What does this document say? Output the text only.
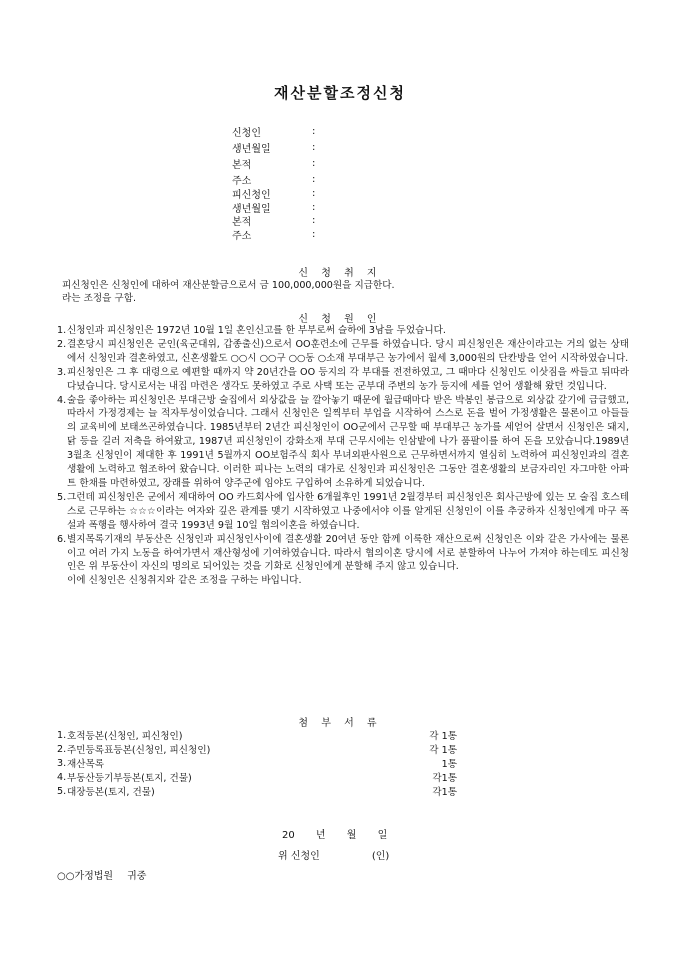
재산분할조정신청
신청인	:
생년월일	:
본적	:
주소	:
피신청인	:
생년월일	:
본적	:
주소	:
신 청 취 지
피신청인은 신청인에 대하여 재산분할금으로서 금 100,000,000원을 지급한다.
라는 조정을 구함.
신 청 원 인
1. 신청인과 피신청인은 1972년 10월 1일 혼인신고를 한 부부로써 슬하에 3남을 두었습니다.
2. 결혼당시 피신청인은 군인(육군대위, 갑종출신)으로서 OO훈련소에 근무를 하였습니다. 당시 피신청인은 재산이라고는 거의 없는 상태에서 신청인과 결혼하였고, 신혼생활도 ○○시 ○○구 ○○동 ○소재 부대부근 농가에서 월세 3,000원의 단칸방을 얻어 시작하였습니다.
3. 피신청인은 그 후 대령으로 예편할 때까지 약 20년간을 OO 등지의 각 부대를 전전하였고, 그 때마다 신청인도 이삿짐을 싸들고 뒤따라 다녔습니다. 당시로서는 내집 마련은 생각도 못하였고 주로 사택 또는 군부대 주변의 농가 등지에 세를 얻어 생활해 왔던 것입니다.
4. 술을 좋아하는 피신청인은 부대근방 술집에서 외상값을 늘 깔아놓기 때문에 월급때마다 받은 박봉인 봉급으로 외상값 갚기에 급급했고, 따라서 가정경제는 늘 적자투성이었습니다. 그래서 신청인은 일찍부터 부업을 시작하여 스스로 돈을 벌어 가정생활은 물론이고 아들들의 교육비에 보태쓰곤하였습니다. 1985년부터 2년간 피신청인이 OO군에서 근무할 때 부대부근 농가를 세얻어 살면서 신청인은 돼지, 닭 등을 길러 저축을 하여왔고, 1987년 피신청인이 강화소재 부대 근무시에는 인삼밭에 나가 품팔이를 하여 돈을 모았습니다.1989년 3월초 신청인이 제대한 후 1991년 5월까지 OO보험주식 회사 부녀외판사원으로 근무하면서까지 열심히 노력하여 피신청인과의 결혼생활에 노력하고 협조하여 왔습니다. 이러한 피나는 노력의 대가로 신청인과 피신청인은 그동안 결혼생활의 보금자리인 자그마한 아파트 한채를 마련하였고, 장래를 위하여 양주군에 임야도 구입하여 소유하게 되었습니다.
5. 그런데 피신청인은 군에서 제대하여 OO 카드회사에 입사한 6개월후인 1991년 2월경부터 피신청인은 회사근방에 있는 모 술집 호스테스로 근무하는 ☆☆☆이라는 여자와 깊은 관계를 맺기 시작하였고 나중에서야 이를 알게된 신청인이 이를 추궁하자 신청인에게 마구 폭설과 폭행을 행사하여 결국 1993년 9월 10일 협의이혼을 하였습니다.
6. 별지목록기재의 부동산은 신청인과 피신청인사이에 결혼생활 20여년 동안 함께 이룩한 재산으로써 신청인은 이와 같은 가사에는 물론이고 여러 가지 노동을 하여가면서 재산형성에 기여하였습니다. 따라서 협의이혼 당시에 서로 분할하여 나누어 가져야 하는데도 피신청인은 위 부동산이 자신의 명의로 되어있는 것을 기화로 신청인에게 분할해 주지 않고 있습니다.
이에 신청인은 신청취지와 같은 조정을 구하는 바입니다.
첨 부 서 류
1. 호적등본(신청인, 피신청인)	각 1통
2. 주민등록표등본(신청인, 피신청인)	각 1통
3. 재산목록	1통
4. 부동산등기부등본(토지, 건물)	각1통
5. 대장등본(토지, 건물)	각1통
20 년 월 일
위 신청인	(인)
○○가정법원 귀중
